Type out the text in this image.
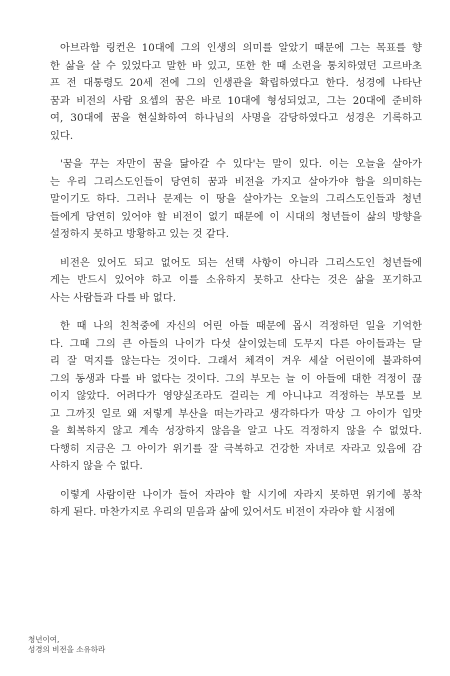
아브라함 링컨은 10대에 그의 인생의 의미를 알았기 때문에 그는 목표를 향
한 삶을 살 수 있었다고 말한 바 있고, 또한 한 때 소련을 통치하였던 고르바초
프 전 대통령도 20세 전에 그의 인생관을 확립하였다고 한다. 성경에 나타난
꿈과 비전의 사람 요셉의 꿈은 바로 10대에 형성되었고, 그는 20대에 준비하
여, 30대에 꿈을 현실화하여 하나님의 사명을 감당하였다고 성경은 기록하고
있다.
'꿈을 꾸는 자만이 꿈을 닮아갈 수 있다'는 말이 있다. 이는 오늘을 살아가
는 우리 그리스도인들이 당연히 꿈과 비전을 가지고 살아가야 함을 의미하는
말이기도 하다. 그러나 문제는 이 땅을 살아가는 오늘의 그리스도인들과 청년
들에게 당연히 있어야 할 비전이 없기 때문에 이 시대의 청년들이 삶의 방향을
설정하지 못하고 방황하고 있는 것 같다.
비전은 있어도 되고 없어도 되는 선택 사항이 아니라 그리스도인 청년들에
게는 반드시 있어야 하고 이를 소유하지 못하고 산다는 것은 삶을 포기하고
사는 사람들과 다를 바 없다.
한 때 나의 친척중에 자신의 어린 아들 때문에 몹시 걱정하던 일을 기억한
다. 그때 그의 큰 아들의 나이가 다섯 살이었는데 도무지 다른 아이들과는 달
리 잘 먹지를 않는다는 것이다. 그래서 체격이 겨우 세살 어린이에 불과하여
그의 동생과 다를 바 없다는 것이다. 그의 부모는 늘 이 아들에 대한 걱정이 끊
이지 않았다. 어려다가 영양실조라도 걸리는 게 아니냐고 걱정하는 부모를 보
고 그까짓 일로 왜 저렇게 부산을 떠는가라고 생각하다가 막상 그 아이가 입맛
을 회복하지 않고 계속 성장하지 않음을 알고 나도 걱정하지 않을 수 없었다.
다행히 지금은 그 아이가 위기를 잘 극복하고 건강한 자녀로 자라고 있음에 감
사하지 않을 수 없다.
이렇게 사람이란 나이가 들어 자라야 할 시기에 자라지 못하면 위기에 봉착
하게 된다. 마찬가지로 우리의 믿음과 삶에 있어서도 비전이 자라야 할 시점에
청년이여,
성경의 비전을 소유하라
